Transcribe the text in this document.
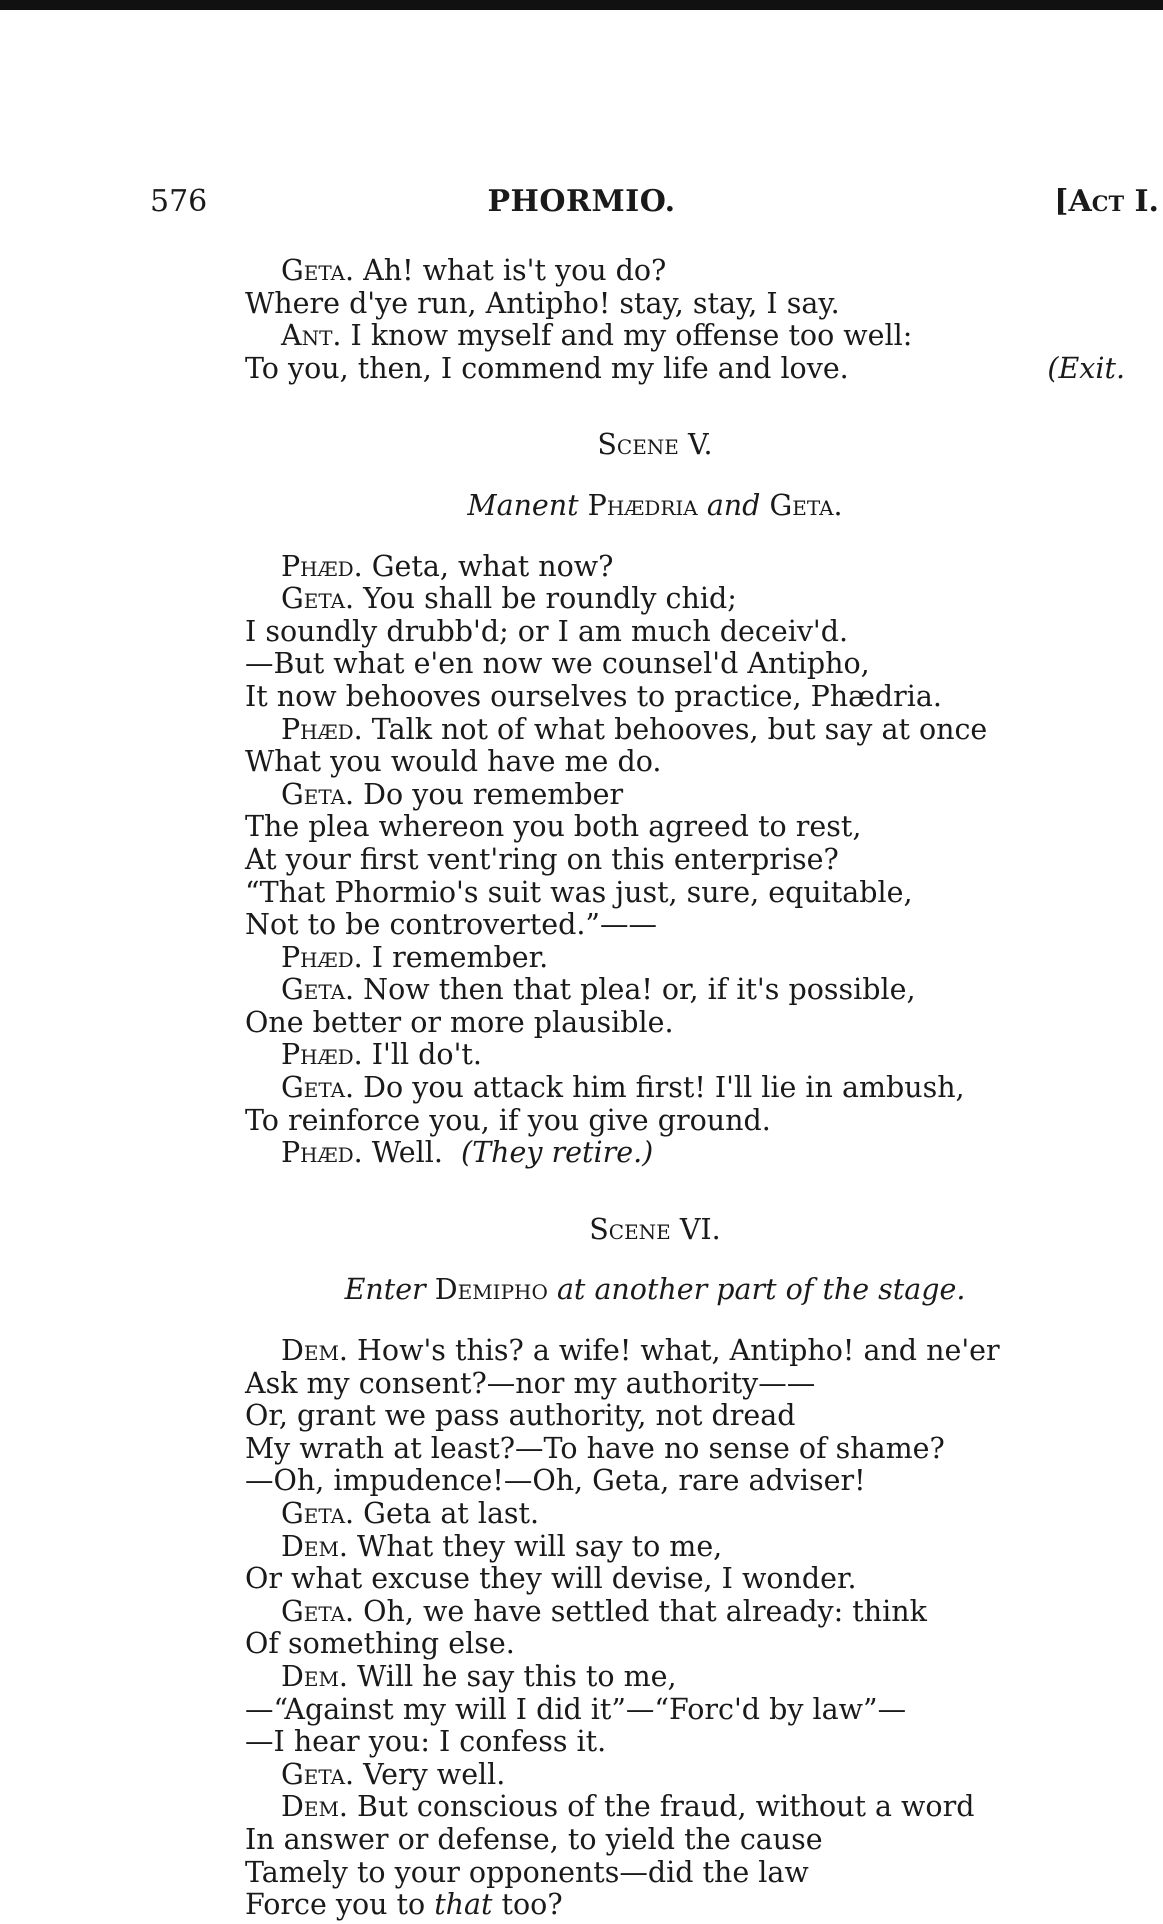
576	PHORMIO.	[Act I.
Geta. Ah! what is't you do?
Where d'ye run, Antipho! stay, stay, I say.
Ant. I know myself and my offense too well:
To you, then, I commend my life and love.	(Exit.
Scene V.
Manent Phædria and Geta.
Phæd. Geta, what now?
Geta. You shall be roundly chid;
I soundly drubb'd; or I am much deceiv'd.
—But what e'en now we counsel'd Antipho,
It now behooves ourselves to practice, Phædria.
Phæd. Talk not of what behooves, but say at once
What you would have me do.
Geta. Do you remember
The plea whereon you both agreed to rest,
At your first vent'ring on this enterprise?
“That Phormio's suit was just, sure, equitable,
Not to be controverted.”——
Phæd. I remember.
Geta. Now then that plea! or, if it's possible,
One better or more plausible.
Phæd. I'll do't.
Geta. Do you attack him first! I'll lie in ambush,
To reinforce you, if you give ground.
Phæd. Well. (They retire.)
Scene VI.
Enter Demipho at another part of the stage.
Dem. How's this? a wife! what, Antipho! and ne'er
Ask my consent?—nor my authority——
Or, grant we pass authority, not dread
My wrath at least?—To have no sense of shame?
—Oh, impudence!—Oh, Geta, rare adviser!
Geta. Geta at last.
Dem. What they will say to me,
Or what excuse they will devise, I wonder.
Geta. Oh, we have settled that already: think
Of something else.
Dem. Will he say this to me,
—“Against my will I did it”—“Forc'd by law”—
—I hear you: I confess it.
Geta. Very well.
Dem. But conscious of the fraud, without a word
In answer or defense, to yield the cause
Tamely to your opponents—did the law
Force you to that too?
